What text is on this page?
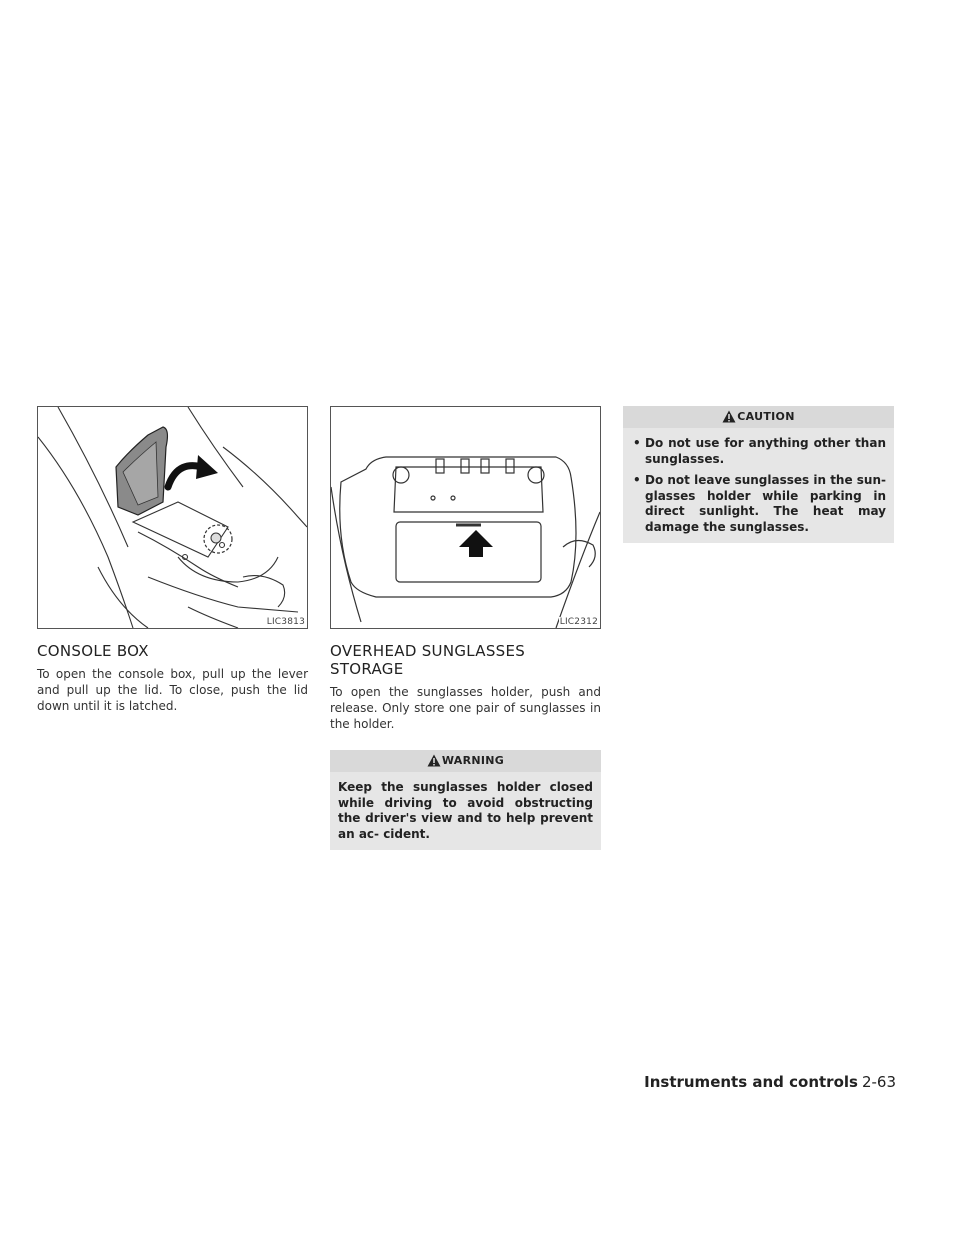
LIC3813
CONSOLE BOX

To open the console box, pull up the lever and pull up the lid. To close, push the lid down until it is latched.

LIC2312
OVERHEAD SUNGLASSES STORAGE

To open the sunglasses holder, push and release. Only store one pair of sunglasses in the holder.

WARNING

Keep the sunglasses holder closed while driving to avoid obstructing the driver's view and to help prevent an ac- cident.

CAUTION
• Do not use for anything other than sunglasses.
• Do not leave sunglasses in the sun- glasses holder while parking in direct sunlight. The heat may damage the sunglasses.
Instruments and controls 2-63
